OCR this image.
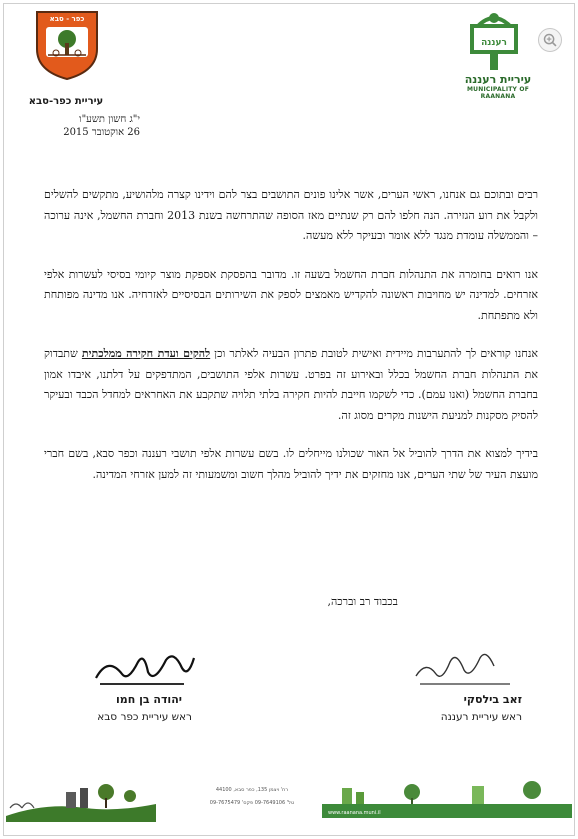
כפר - סבא
עיריית כפר-סבא
י"ג חשון תשע"ו
26 אוקטובר 2015
רעננה
עיריית רעננה
MUNICIPALITY OF RAANANA

רבים ובתוכם גם אנחנו, ראשי הערים, אשר אלינו פונים התושבים בצר להם וידינו קצרה מלהושיע, מתקשים להשלים ולקבל את רוע הגזירה. הנה חלפו להם רק שנתיים מאז הסופה שהתרחשה בשנת 2013 וחברת החשמל, אינה ערוכה – והממשלה עומדת מנגד ללא אומר ובעיקר ללא מעשה.

אנו רואים בחומרה את התנהלות חברת החשמל בשעה זו. מדובר בהפסקת אספקת מוצר קיומי בסיסי לעשרות אלפי אזרחים. למדינה יש מחויבות ראשונה להקדיש מאמצים לספק את השירותים הבסיסיים לאזרחיה. אנו מדינה מפותחת ולא מתפתחת.

אנחנו קוראים לך להתערבות מיידית ואישית לטובת פתרון הבעיה לאלתר וכן להקים ועדת חקירה ממלכתית שתבדוק את התנהלות חברת החשמל בכלל ובאירוע זה בפרט. עשרות אלפי התושבים, המתדפקים על דלתנו, איבדו אמון בחברת החשמל (ואנו עמם). כדי לשקמו חייבת להיות חקירה בלתי תלויה שתקבע את האחראים למחדל הכבד ובעיקר להסיק מסקנות למניעת הישנות מקרים מסוג זה.

בידיך למצוא את הדרך להוביל אל האור שכולנו מייחלים לו. בשם עשרות אלפי תושבי רעננה וכפר סבא, בשם חברי מועצת העיר של שתי הערים, אנו מחזקים את ידיך להוביל מהלך חשוב ומשמעותי זה למען אזרחי המדינה.

בכבוד רב וברכה,
יהודה בן חמו
ראש עיריית כפר סבא
זאב בילסקי
ראש עיריית רעננה
רח' ויצמן 135, כפר סבא, 44100
טל' 09-7649106 פקס' 09-7675479
www.raanana.muni.il
